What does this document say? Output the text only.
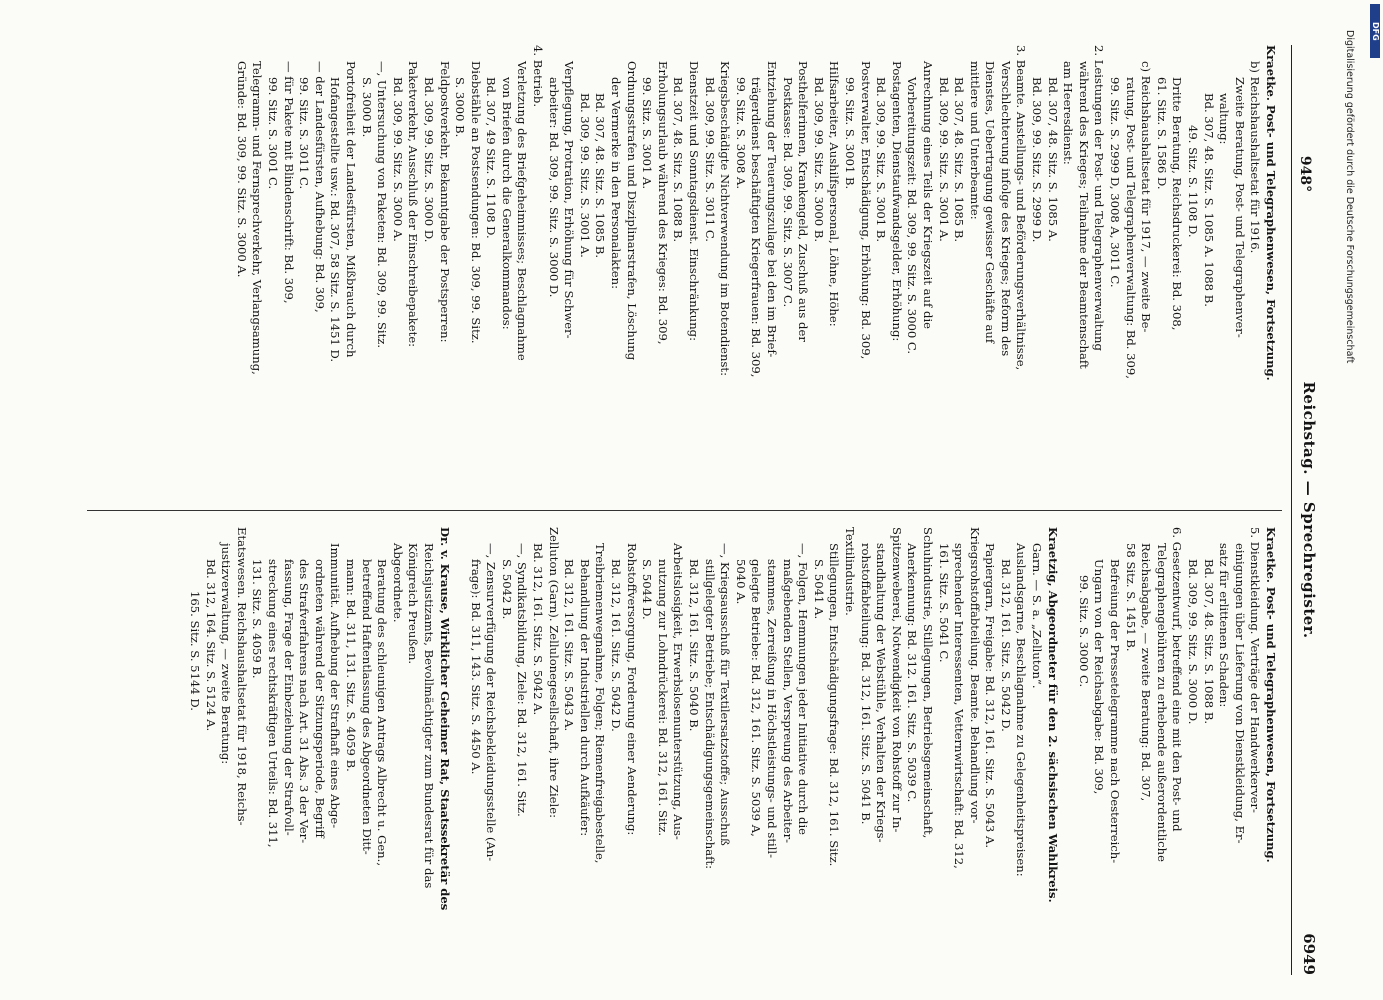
Reichstag. — Sprechregister.
6949
Kraetke. Post- und Telegraphenwesen, Fortsetzung.
b) Reichshaushaltsetat für 1916.
Zweite Beratung, Post- und Telegraphenver-
waltung:
Bd. 307, 48. Sitz. S. 1085 A. 1088 B.
49. Sitz. S. 1108 D.
Dritte Beratung, Reichsdruckerei: Bd. 308,
61. Sitz. S. 1586 D.
c) Reichshaushaltsetat für 1917, — zweite Be-
ratung, Post- und Telegraphenverwaltung: Bd. 309,
99. Sitz. S. 2999 D, 3008 A, 3011 C.
2. Leistungen der Post- und Telegraphenverwaltung
während des Krieges; Teilnahme der Beamtenschaft
am Heeresdienst:
Bd. 307, 48. Sitz. S. 1085 A.
Bd. 309, 99. Sitz. S. 2999 D.
3. Beamte. Anstellungs- und Beförderungsverhältnisse,
Verschlechterung infolge des Krieges; Reform des
Dienstes, Uebertragung gewisser Geschäfte auf
mittlere und Unterbeamte:
Bd. 307, 48. Sitz. S. 1085 B.
Bd. 309, 99. Sitz. S. 3001 A.
Anrechnung eines Teils der Kriegszeit auf die
Vorbereitungszeit: Bd. 309, 99. Sitz. S. 3000 C.
Postagenten, Dienstaufwandsgelder, Erhöhung:
Bd. 309, 99. Sitz. S. 3001 B.
Postverwalter, Entschädigung, Erhöhung: Bd. 309,
99. Sitz. S. 3001 B.
Hilfsarbeiter, Aushilfspersonal, Löhne, Höhe:
Bd. 309, 99. Sitz. S. 3000 B.
Posthelferinnen, Krankengeld, Zuschuß aus der
Postkasse: Bd. 309, 99. Sitz. S. 3007 C.
Entziehung der Teuerungszulage bei den im Brief-
trägerdienst beschäftigten Kriegerfrauen: Bd. 309,
99. Sitz. S. 3008 A.
Kriegsbeschädigte Nichtverwendung im Botendienst:
Bd. 309, 99. Sitz. S. 3011 C.
Dienstzeit und Sonntagsdienst. Einschränkung:
Bd. 307, 48. Sitz. S. 1088 B.
Erholungsurlaub während des Krieges: Bd. 309,
99. Sitz. S. 3001 A.
Ordnungsstrafen und Disziplinarstrafen, Löschung
der Vermerke in den Personalakten:
Bd. 307, 48. Sitz. S. 1085 B.
Bd. 309, 99. Sitz. S. 3001 A.
Verpflegung, Protration, Erhöhung für Schwer-
arbeiter: Bd. 309, 99. Sitz. S. 3000 D.
4. Betrieb.
Verletzung des Briefgeheimnisses; Beschlagnahme
von Briefen durch die Generalkommandos:
Bd. 307, 49 Sitz. S. 1108 D.
Diebstähle an Postsendungen: Bd. 309, 99. Sitz.
S. 3000 B.
Feldpostverkehr, Bekanntgabe der Postsperren:
Bd. 309, 99. Sitz. S. 3000 D.
Paketverkehr, Ausschluß der Einschreibepakete:
Bd. 309, 99. Sitz. S. 3000 A.
—, Untersuchung von Paketen: Bd. 309, 99. Sitz.
S. 3000 B.
Portofreiheit der Landesfürsten, Mißbrauch durch
Hofangestellte usw.: Bd. 307, 58 Sitz. S. 1451 D.
— der Landesfürsten, Aufhebung: Bd. 309,
99. Sitz. S. 3011 C.
— für Pakete mit Blindenschrift: Bd. 309,
99. Sitz. S. 3001 C.
Telegramm- und Fernsprechverkehr, Verlangsamung,
Gründe: Bd. 309, 99. Sitz. S. 3000 A.
Kraetke. Post- und Telegraphenwesen, Fortsetzung.
5. Dienstkleidung. Verträge der Handwerkerver-
einigungen über Lieferung von Dienstkleidung, Er-
satz für erlittenen Schaden:
Bd. 307, 48. Sitz. S. 1088 B.
Bd. 309, 99. Sitz. S. 3000 D.
6. Gesetzentwurf, betreffend eine mit den Post- und
Telegraphengebühren zu erhebende außerordentliche
Reichsabgabe, — zweite Beratung: Bd. 307,
58 Sitz. S. 1451 B.
Befreiung der Pressetelegramme nach Oesterreich-
Ungarn von der Reichsabgabe: Bd. 309,
99. Sitz. S. 3000 C.

Kraetzig, Abgeordneter für den 2. sächsischen Wahlkreis.
Garn. — S. a. „Zelluton“.
Auslandsgarne, Beschlagnahme zu Gelegenheitspreisen:
Bd. 312, 161. Sitz. S. 5042 D.
Papiergarn, Freigabe: Bd. 312, 161. Sitz. S. 5043 A.
Kriegsrohstoffabteilung. Beamte. Behandlung vor-
sprechender Interessenten, Vetternwirtschaft: Bd. 312,
161. Sitz. S. 5041 C.
Schuhindustrie, Stillegungen, Betriebsgemeinschaft,
Anerkennung: Bd. 312. 161. Sitz. S. 5039 C.
Spitzenweberei, Notwendigkeit von Rohstoff zur In-
standhaltung der Webstühle, Verhalten der Kriegs-
rohstoffabteilung: Bd. 312, 161. Sitz. S. 5041 B.
Textilindustrie.
Stillegungen, Entschädigungsfrage: Bd. 312, 161. Sitz.
S. 5041 A.
—, Folgen, Hemmungen jeder Initiative durch die
maßgebenden Stellen, Verspreung des Arbeiter-
stammes, Zerreißung in Höchstleistungs- und still-
gelegte Betriebe: Bd. 312, 161. Sitz. S. 5039 A,
5040 A.
—, Kriegsausschuß für Textilersatzstoffe; Ausschuß
stillgelegter Betriebe; Entschädigungsgemeinschaft:
Bd. 312, 161. Sitz. S. 5040 B.
Arbeitslosigkeit, Erwerbslosenunterstützung, Aus-
nutzung zur Lohndrückerei: Bd. 312, 161. Sitz.
S. 5044 D.
Rohstoffversorgung, Forderung einer Aenderung:
Bd. 312, 161. Sitz. S. 5042 D.
Treibriemenwegnahme, Folgen; Riemenfreigabestelle,
Behandlung der Industriellen durch Aufkäufer:
Bd. 312, 161. Sitz. S. 5043 A.
Zelluton (Garn). Zellulonegesellschaft, ihre Ziele:
Bd. 312, 161. Sitz. S. 5042 A.
—, Syndikatsbildung, Ziele: Bd. 312, 161. Sitz.
S. 5042 B.
—, Zensurverfügung der Reichsbekleidungsstelle (An-
frage): Bd. 311, 143. Sitz. S. 4450 A.

Dr. v. Krause, Wirklicher Geheimer Rat, Staatssekretär des
Reichsjustizamts, Bevollmächtigter zum Bundesrat für das
Königreich Preußen.
Abgeordnete.
Beratung des schleunigen Antrags Albrecht u. Gen.,
betreffend Haftentlassung des Abgeordneten Ditt-
mann: Bd. 311, 131. Sitz. S. 4059 B.
Immunität. Aufhebung der Strafhaft eines Abge-
ordneten während der Sitzungsperiode, Begriff
des Strafverfahrens nach Art. 31 Abs. 3 der Ver-
fassung, Frage der Einbeziehung der Strafvoll-
streckung eines rechtskräftigen Urteils: Bd. 311,
131. Sitz. S. 4059 B.
Etatswesen. Reichshaushaltsetat für 1918, Reichs-
justizverwaltung, — zweite Beratung:
Bd. 312, 164. Sitz. S. 5124 A.
165. Sitz. S. 5144 D.
948°	Digitalisierung gefördert durch die Deutsche Forschungsgemeinschaft DFG
